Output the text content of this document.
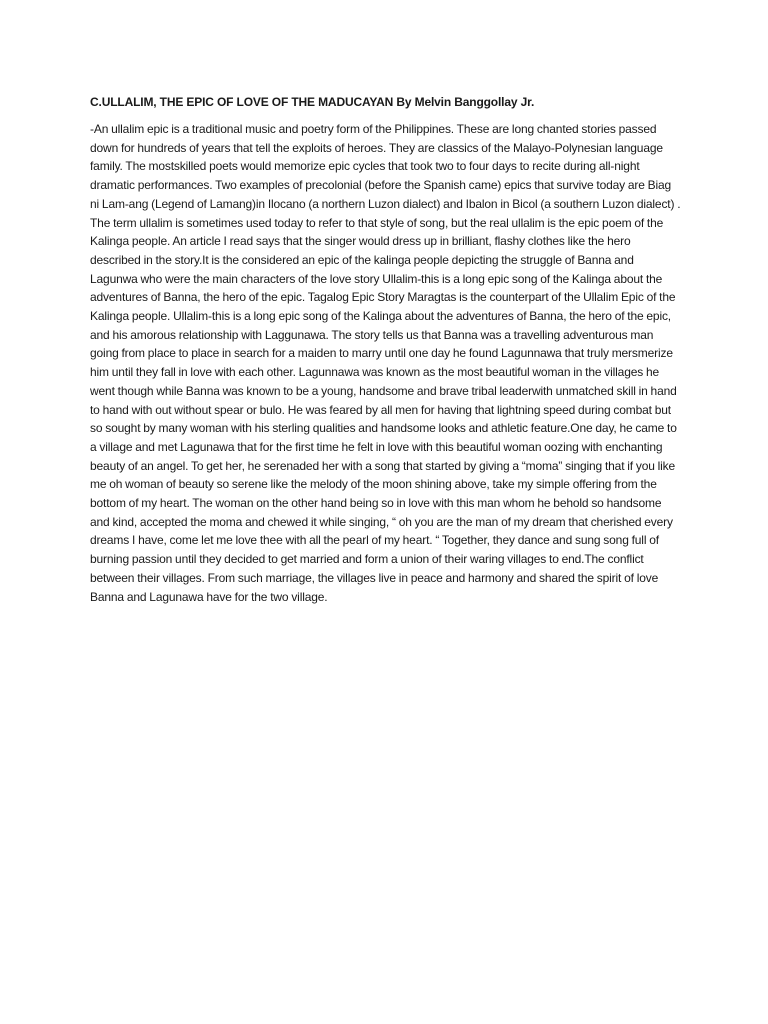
C.ULLALIM, THE EPIC OF LOVE OF THE MADUCAYAN By Melvin Banggollay Jr.

-An ullalim epic is a traditional music and poetry form of the Philippines. These are long chanted stories passed down for hundreds of years that tell the exploits of heroes. They are classics of the Malayo-Polynesian language family. The mostskilled poets would memorize epic cycles that took two to four days to recite during all-night dramatic performances. Two examples of precolonial (before the Spanish came) epics that survive today are Biag ni Lam-ang (Legend of Lamang)in Ilocano (a northern Luzon dialect) and Ibalon in Bicol (a southern Luzon dialect) . The term ullalim is sometimes used today to refer to that style of song, but the real ullalim is the epic poem of the Kalinga people. An article I read says that the singer would dress up in brilliant, flashy clothes like the hero described in the story.It is the considered an epic of the kalinga people depicting the struggle of Banna and Lagunwa who were the main characters of the love story Ullalim-this is a long epic song of the Kalinga about the adventures of Banna, the hero of the epic. Tagalog Epic Story Maragtas is the counterpart of the Ullalim Epic of the Kalinga people. Ullalim-this is a long epic song of the Kalinga about the adventures of Banna, the hero of the epic, and his amorous relationship with Laggunawa. The story tells us that Banna was a travelling adventurous man going from place to place in search for a maiden to marry until one day he found Lagunnawa that truly mersmerize him until they fall in love with each other. Lagunnawa was known as the most beautiful woman in the villages he went though while Banna was known to be a young, handsome and brave tribal leaderwith unmatched skill in hand to hand with out without spear or bulo. He was feared by all men for having that lightning speed during combat but so sought by many woman with his sterling qualities and handsome looks and athletic feature.One day, he came to a village and met Lagunawa that for the first time he felt in love with this beautiful woman oozing with enchanting beauty of an angel. To get her, he serenaded her with a song that started by giving a “moma” singing that if you like me oh woman of beauty so serene like the melody of the moon shining above, take my simple offering from the bottom of my heart. The woman on the other hand being so in love with this man whom he behold so handsome and kind, accepted the moma and chewed it while singing, “ oh you are the man of my dream that cherished every dreams I have, come let me love thee with all the pearl of my heart. “ Together, they dance and sung song full of burning passion until they decided to get married and form a union of their waring villages to end.The conflict between their villages. From such marriage, the villages live in peace and harmony and shared the spirit of love Banna and Lagunawa have for the two village.
